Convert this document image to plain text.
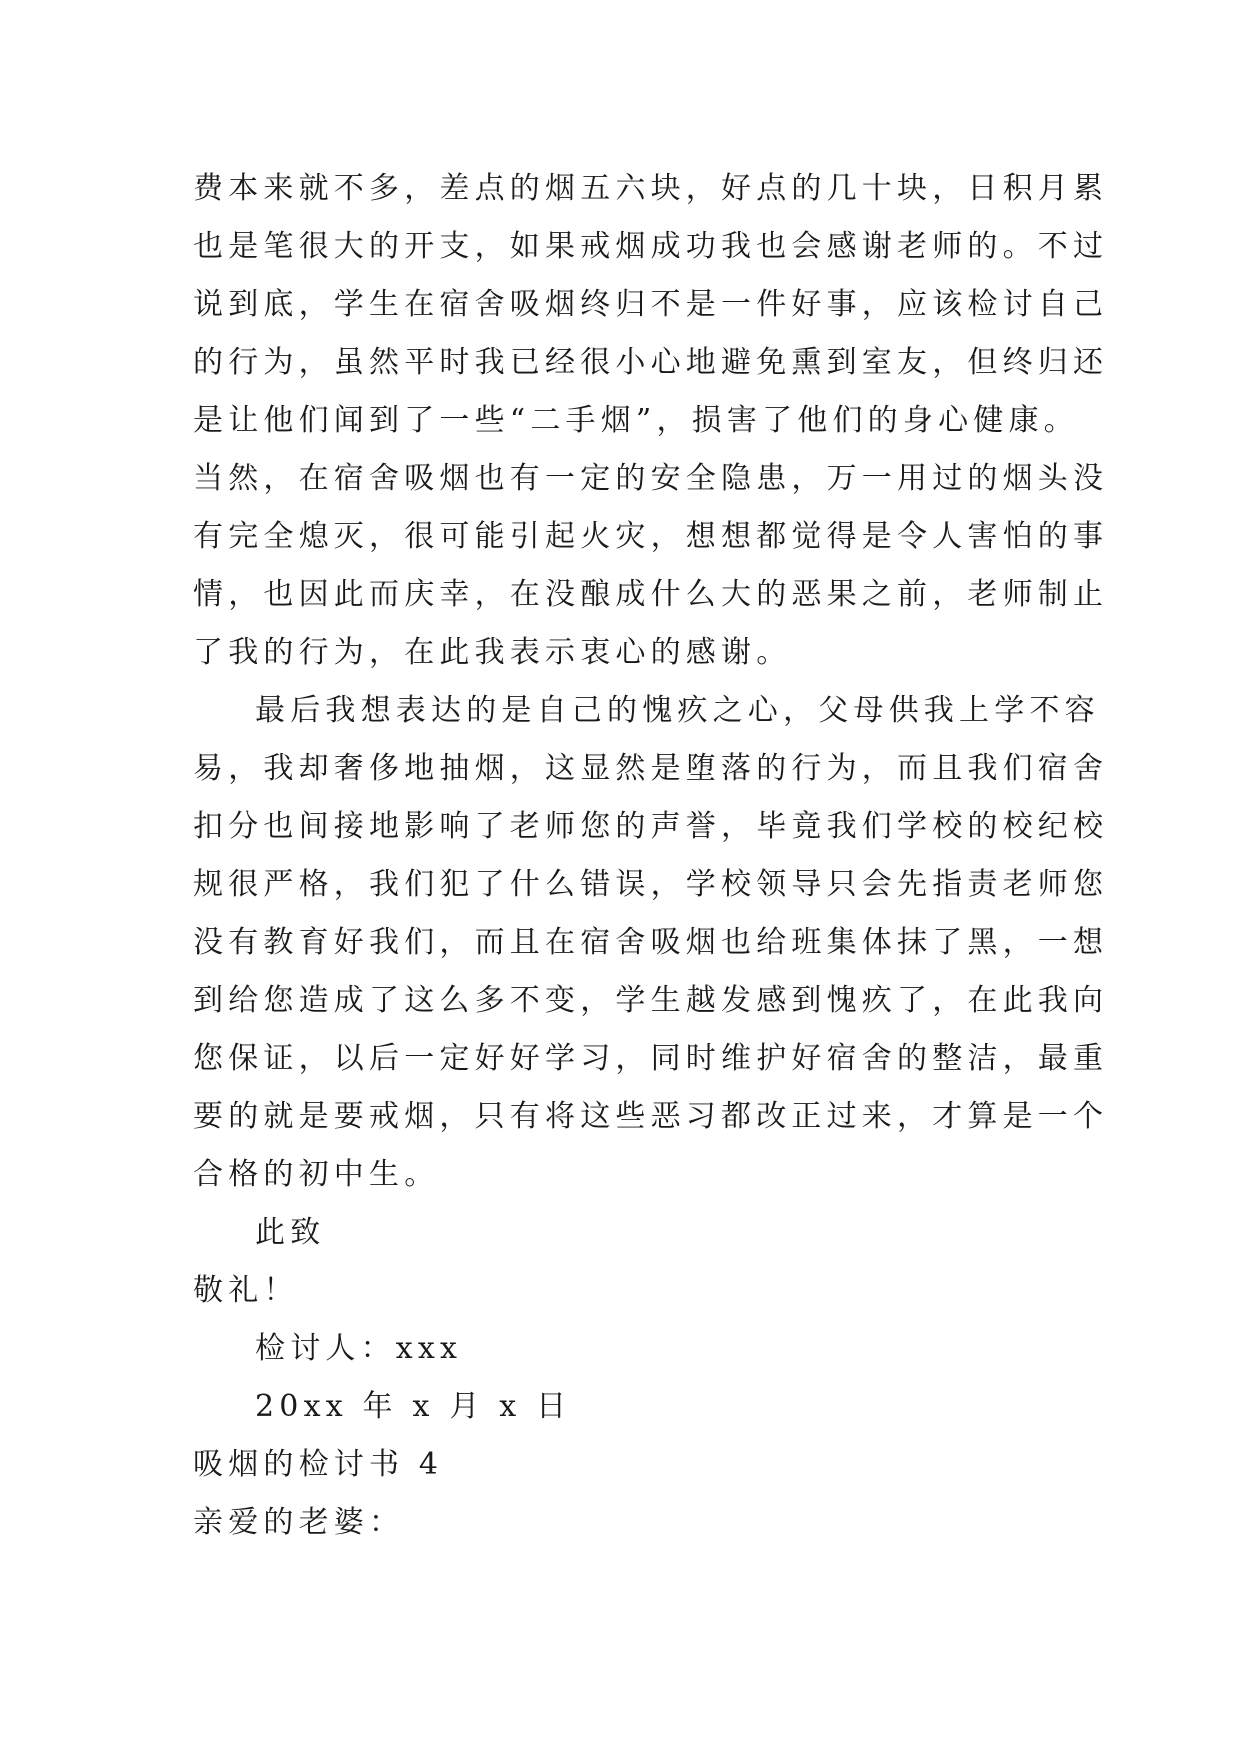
费本来就不多，差点的烟五六块，好点的几十块，日积月累
也是笔很大的开支，如果戒烟成功我也会感谢老师的。不过
说到底，学生在宿舍吸烟终归不是一件好事，应该检讨自己
的行为，虽然平时我已经很小心地避免熏到室友，但终归还
是让他们闻到了一些“二手烟”，损害了他们的身心健康。
当然，在宿舍吸烟也有一定的安全隐患，万一用过的烟头没
有完全熄灭，很可能引起火灾，想想都觉得是令人害怕的事
情，也因此而庆幸，在没酿成什么大的恶果之前，老师制止
了我的行为，在此我表示衷心的感谢。
最后我想表达的是自己的愧疚之心，父母供我上学不容
易，我却奢侈地抽烟，这显然是堕落的行为，而且我们宿舍
扣分也间接地影响了老师您的声誉，毕竟我们学校的校纪校
规很严格，我们犯了什么错误，学校领导只会先指责老师您
没有教育好我们，而且在宿舍吸烟也给班集体抹了黑，一想
到给您造成了这么多不变，学生越发感到愧疚了，在此我向
您保证，以后一定好好学习，同时维护好宿舍的整洁，最重
要的就是要戒烟，只有将这些恶习都改正过来，才算是一个
合格的初中生。
此致
敬礼！
检讨人：xxx
20xx 年 x 月 x 日
吸烟的检讨书 4
亲爱的老婆：
